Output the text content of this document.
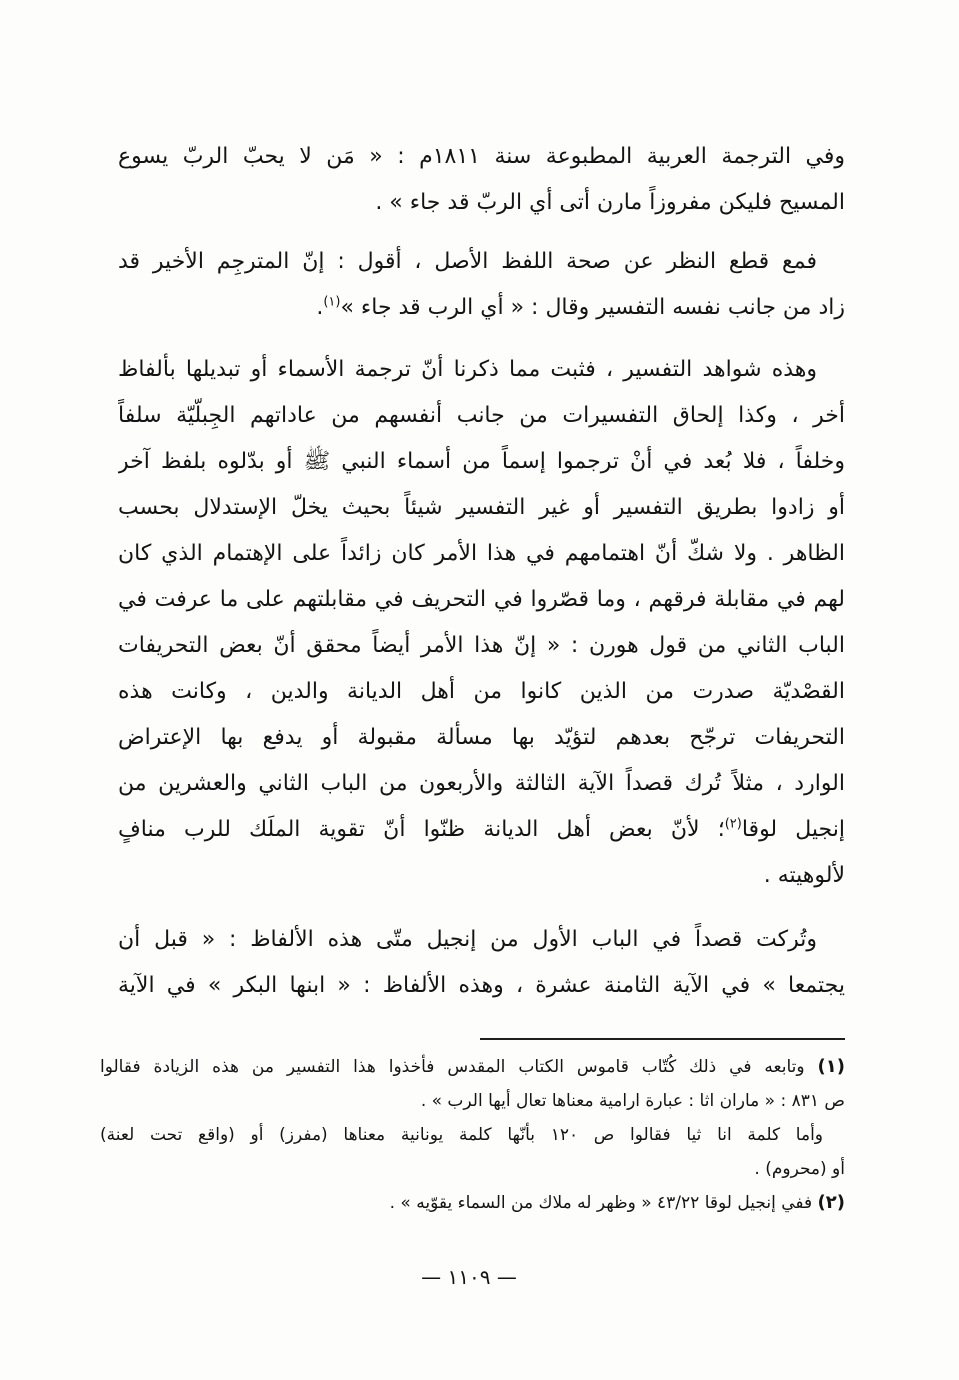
وفي الترجمة العربية المطبوعة سنة ١٨١١م : « مَن لا يحبّ الربّ يسوع
المسيح فليكن مفروزاً مارن أتى أي الربّ قد جاء » .
فمع قطع النظر عن صحة اللفظ الأصل ، أقول : إنّ المترجِم الأخير قد
زاد من جانب نفسه التفسير وقال : « أي الرب قد جاء »$^{(١)}$.
وهذه شواهد التفسير ، فثبت مما ذكرنا أنّ ترجمة الأسماء أو تبديلها بألفاظ
أخر ، وكذا إلحاق التفسيرات من جانب أنفسهم من عاداتهم الجِبلّيّة سلفاً
وخلفاً ، فلا بُعد في أنْ ترجموا إسماً من أسماء النبي ﷺ أو بدّلوه بلفظ آخر
أو زادوا بطريق التفسير أو غير التفسير شيئاً بحيث يخلّ الإستدلال بحسب
الظاهر . ولا شكّ أنّ اهتمامهم في هذا الأمر كان زائداً على الإهتمام الذي كان
لهم في مقابلة فرقهم ، وما قصّروا في التحريف في مقابلتهم على ما عرفت في
الباب الثاني من قول هورن : « إنّ هذا الأمر أيضاً محقق أنّ بعض التحريفات
القصْديّة صدرت من الذين كانوا من أهل الديانة والدين ، وكانت هذه
التحريفات ترجّح بعدهم لتؤيّد بها مسألة مقبولة أو يدفع بها الإعتراض
الوارد ، مثلاً تُرك قصداً الآية الثالثة والأربعون من الباب الثاني والعشرين من
إنجيل لوقا$^{(٢)}$؛ لأنّ بعض أهل الديانة ظنّوا أنّ تقوية الملَك للرب منافٍ
لألوهيته .
وتُركت قصداً في الباب الأول من إنجيل متّى هذه الألفاظ : « قبل أن
يجتمعا » في الآية الثامنة عشرة ، وهذه الألفاظ : « ابنها البكر » في الآية
(١) وتابعه في ذلك كُتّاب قاموس الكتاب المقدس فأخذوا هذا التفسير من هذه الزيادة فقالوا
ص ٨٣١ : « ماران اثا : عبارة ارامية معناها تعال أيها الرب » .
وأما كلمة انا ثيا فقالوا ص ١٢٠ بأنّها كلمة يونانية معناها (مفرز) أو (واقع تحت لعنة)
أو (محروم) .
(٢) ففي إنجيل لوقا ٤٣/٢٢ « وظهر له ملاك من السماء يقوّيه » .
— ١١٠٩ —
